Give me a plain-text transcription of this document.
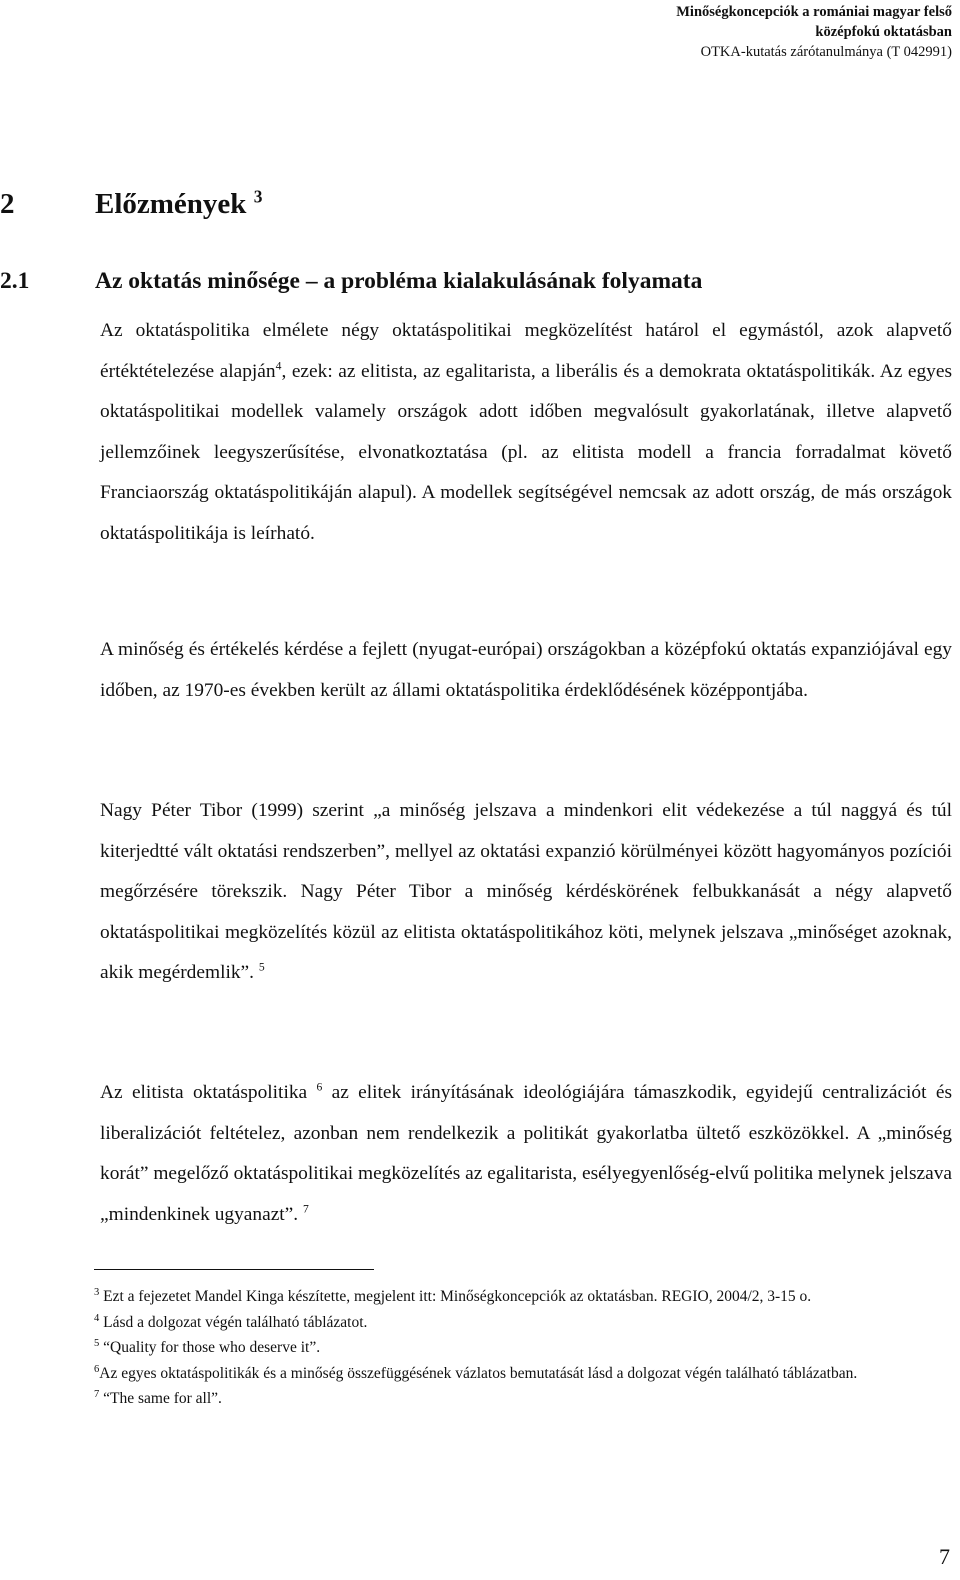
Minőségkoncepciók a romániai magyar felső
középfokú oktatásban
OTKA-kutatás zárótanulmánya (T 042991)
2	Előzmények $^3$
2.1	Az oktatás minősége – a probléma kialakulásának folyamata
Az oktatáspolitika elmélete négy oktatáspolitikai megközelítést határol el egymástól, azok alapvető értéktételezése alapján$^4$, ezek: az elitista, az egalitarista, a liberális és a demokrata oktatáspolitikák. Az egyes oktatáspolitikai modellek valamely országok adott időben megvalósult gyakorlatának, illetve alapvető jellemzőinek leegyszerűsítése, elvonatkoztatása (pl. az elitista modell a francia forradalmat követő Franciaország oktatáspolitikáján alapul). A modellek segítségével nemcsak az adott ország, de más országok oktatáspolitikája is leírható.
A minőség és értékelés kérdése a fejlett (nyugat-európai) országokban a középfokú oktatás expanziójával egy időben, az 1970-es években került az állami oktatáspolitika érdeklődésének középpontjába.
Nagy Péter Tibor (1999) szerint „a minőség jelszava a mindenkori elit védekezése a túl naggyá és túl kiterjedtté vált oktatási rendszerben”, mellyel az oktatási expanzió körülményei között hagyományos pozíciói megőrzésére törekszik. Nagy Péter Tibor a minőség kérdéskörének felbukkanását a négy alapvető oktatáspolitikai megközelítés közül az elitista oktatáspolitikához köti, melynek jelszava „minőséget azoknak, akik megérdemlik”. $^5$
Az elitista oktatáspolitika $^6$ az elitek irányításának ideológiájára támaszkodik, egyidejű centralizációt és liberalizációt feltételez, azonban nem rendelkezik a politikát gyakorlatba ültető eszközökkel. A „minőség korát” megelőző oktatáspolitikai megközelítés az egalitarista, esélyegyenlőség-elvű politika melynek jelszava „mindenkinek ugyanazt”. $^7$

$^3$ Ezt a fejezetet Mandel Kinga készítette, megjelent itt: Minőségkoncepciók az oktatásban. REGIO, 2004/2, 3-15 o.

$^4$ Lásd a dolgozat végén található táblázatot.

$^5$ “Quality for those who deserve it”.

$^6$Az egyes oktatáspolitikák és a minőség összefüggésének vázlatos bemutatását lásd a dolgozat végén található táblázatban.

$^7$ “The same for all”.

7
